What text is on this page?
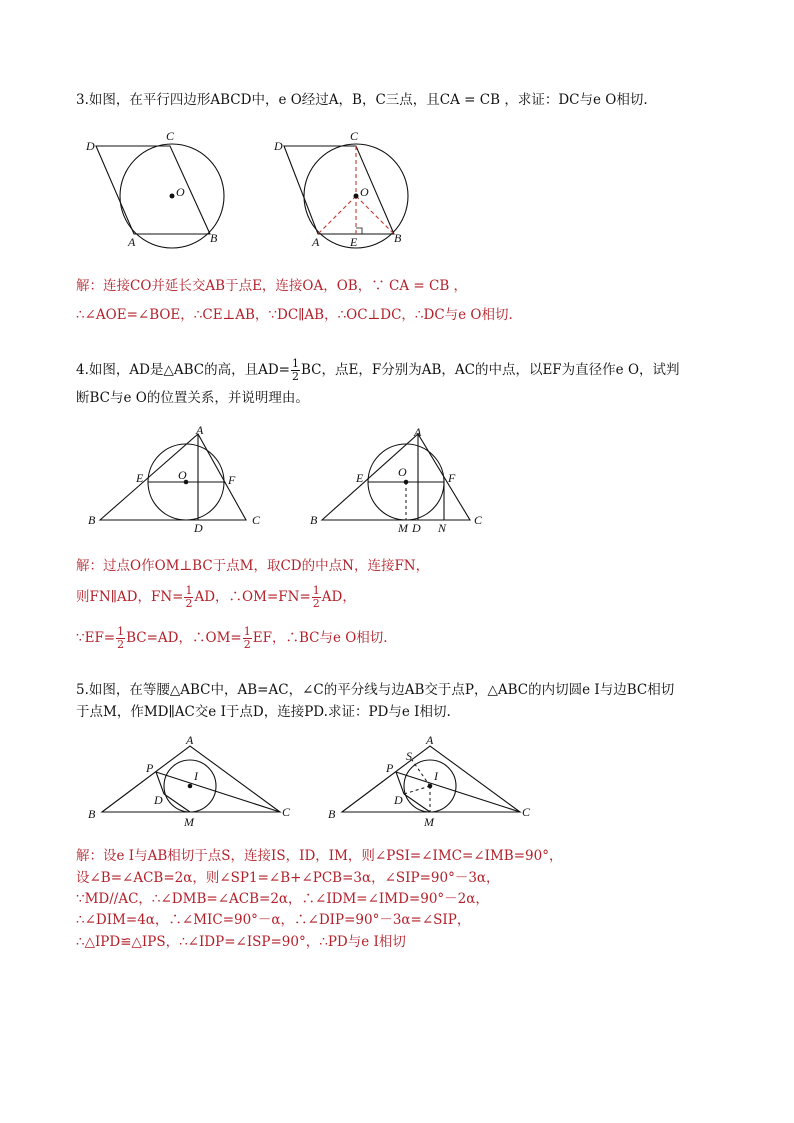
3.如图，在平行四边形ABCD中，e O经过A，B，C三点，且CA = CB ，求证：DC与e O相切.
D
C
O
A	B
D
C
O
A	E	B
解：连接CO并延长交AB于点E，连接OA，OB，∵ CA = CB ，
∴∠AOE=∠BOE，∴CE⊥AB，∵DC∥AB，∴OC⊥DC，∴DC与e O相切.
4.如图，AD是△ABC的高，且$AD= \frac{1}{2}$ BC，点E，F分别为AB，AC的中点，以EF为直径作e O，试判
断BC与e O的位置关系，并说明理由。
A
E	O	F
B
D
C
A
E	O	F
B
M D N
C
解：过点O作OM⊥BC于点M，取CD的中点N，连接FN，
则FN∥AD，$FN= \frac{1}{2}$ AD，∴OM=FN= $\frac{1}{2}$ AD，
∵EF= $\frac{1}{2} BC=AD$，∴OM= $\frac{1}{2}$ EF，∴BC与e O相切.
5.如图，在等腰△ABC中，AB=AC，∠C的平分线与边AB交于点P，△ABC的内切圆e I与边BC相切
于点M，作MD∥AC交e I于点D，连接PD.求证：PD与e I相切.
A
P
I
D
B
M
C
S
A
P
I
D
B
M
C
解：设e I与AB相切于点S，连接IS，ID，IM，则∠PSI=∠IMC=∠IMB=90°，
设∠B=∠ACB=2α，则∠SP1=∠B+∠PCB=3α，∠SIP=90°－3α，
∵MD//AC，∴∠DMB=∠ACB=2α，∴∠IDM=∠IMD=90°－2α，
∴∠DIM=4α，∴∠MIC=90°－α，∴∠DIP=90°－3α=∠SIP，
∴△IPD≌△IPS，∴∠IDP=∠ISP=90°，∴PD与e I相切
